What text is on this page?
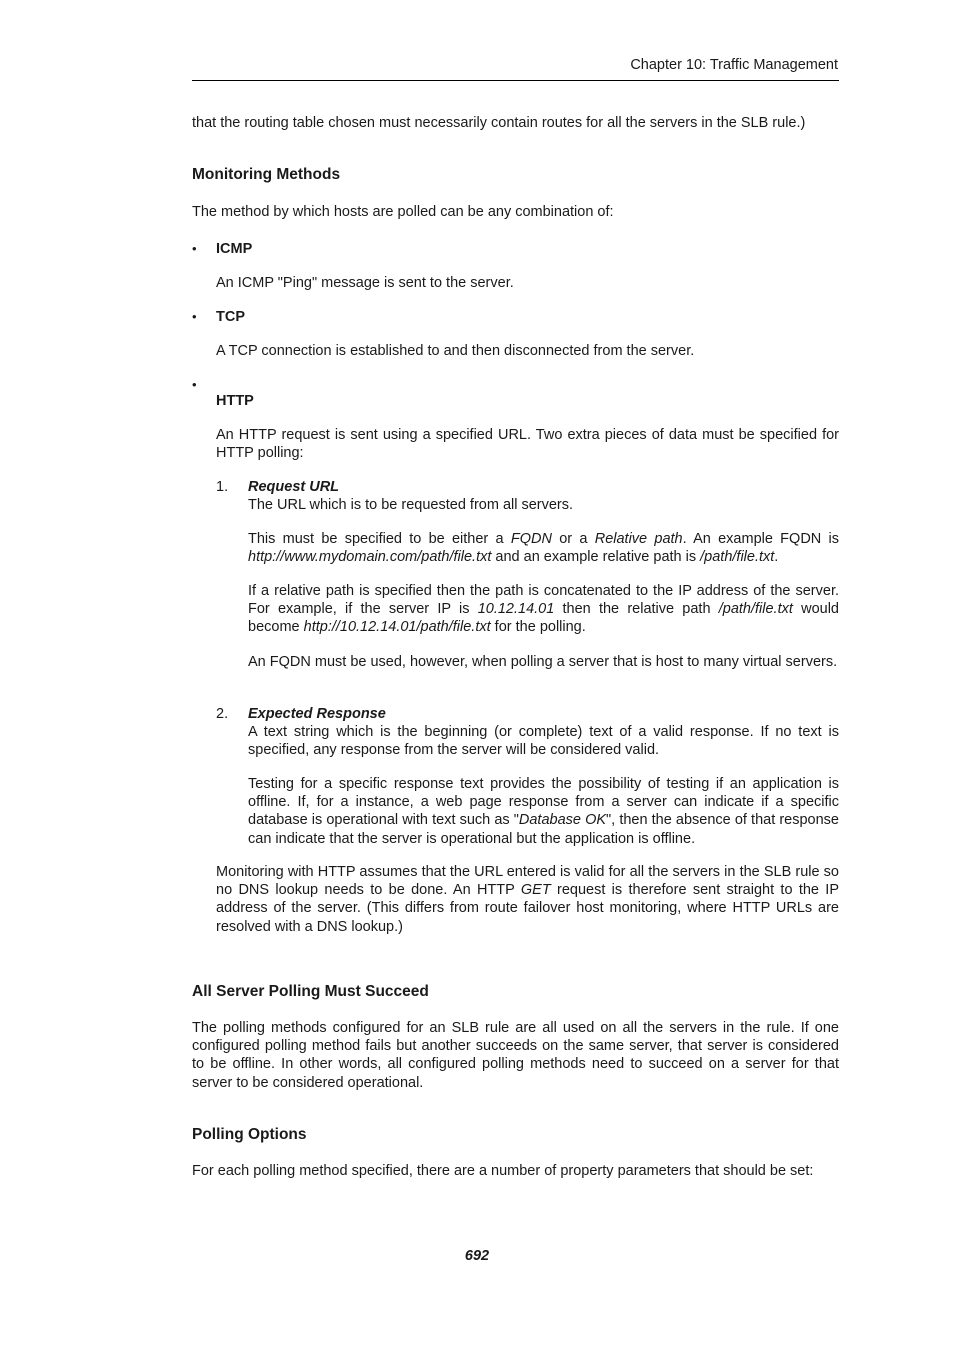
Chapter 10: Traffic Management
that the routing table chosen must necessarily contain routes for all the servers in the SLB rule.)
Monitoring Methods
The method by which hosts are polled can be any combination of:
• ICMP
An ICMP "Ping" message is sent to the server.
• TCP
A TCP connection is established to and then disconnected from the server.
•
HTTP
An HTTP request is sent using a specified URL. Two extra pieces of data must be specified for HTTP polling:
1. Request URL
The URL which is to be requested from all servers.
This must be specified to be either a FQDN or a Relative path. An example FQDN is http://www.mydomain.com/path/file.txt and an example relative path is /path/file.txt.
If a relative path is specified then the path is concatenated to the IP address of the server. For example, if the server IP is 10.12.14.01 then the relative path /path/file.txt would become http://10.12.14.01/path/file.txt for the polling.
An FQDN must be used, however, when polling a server that is host to many virtual servers.
2. Expected Response
A text string which is the beginning (or complete) text of a valid response. If no text is specified, any response from the server will be considered valid.
Testing for a specific response text provides the possibility of testing if an application is offline. If, for a instance, a web page response from a server can indicate if a specific database is operational with text such as "Database OK", then the absence of that response can indicate that the server is operational but the application is offline.
Monitoring with HTTP assumes that the URL entered is valid for all the servers in the SLB rule so no DNS lookup needs to be done. An HTTP GET request is therefore sent straight to the IP address of the server. (This differs from route failover host monitoring, where HTTP URLs are resolved with a DNS lookup.)
All Server Polling Must Succeed
The polling methods configured for an SLB rule are all used on all the servers in the rule. If one configured polling method fails but another succeeds on the same server, that server is considered to be offline. In other words, all configured polling methods need to succeed on a server for that server to be considered operational.
Polling Options
For each polling method specified, there are a number of property parameters that should be set:
692
